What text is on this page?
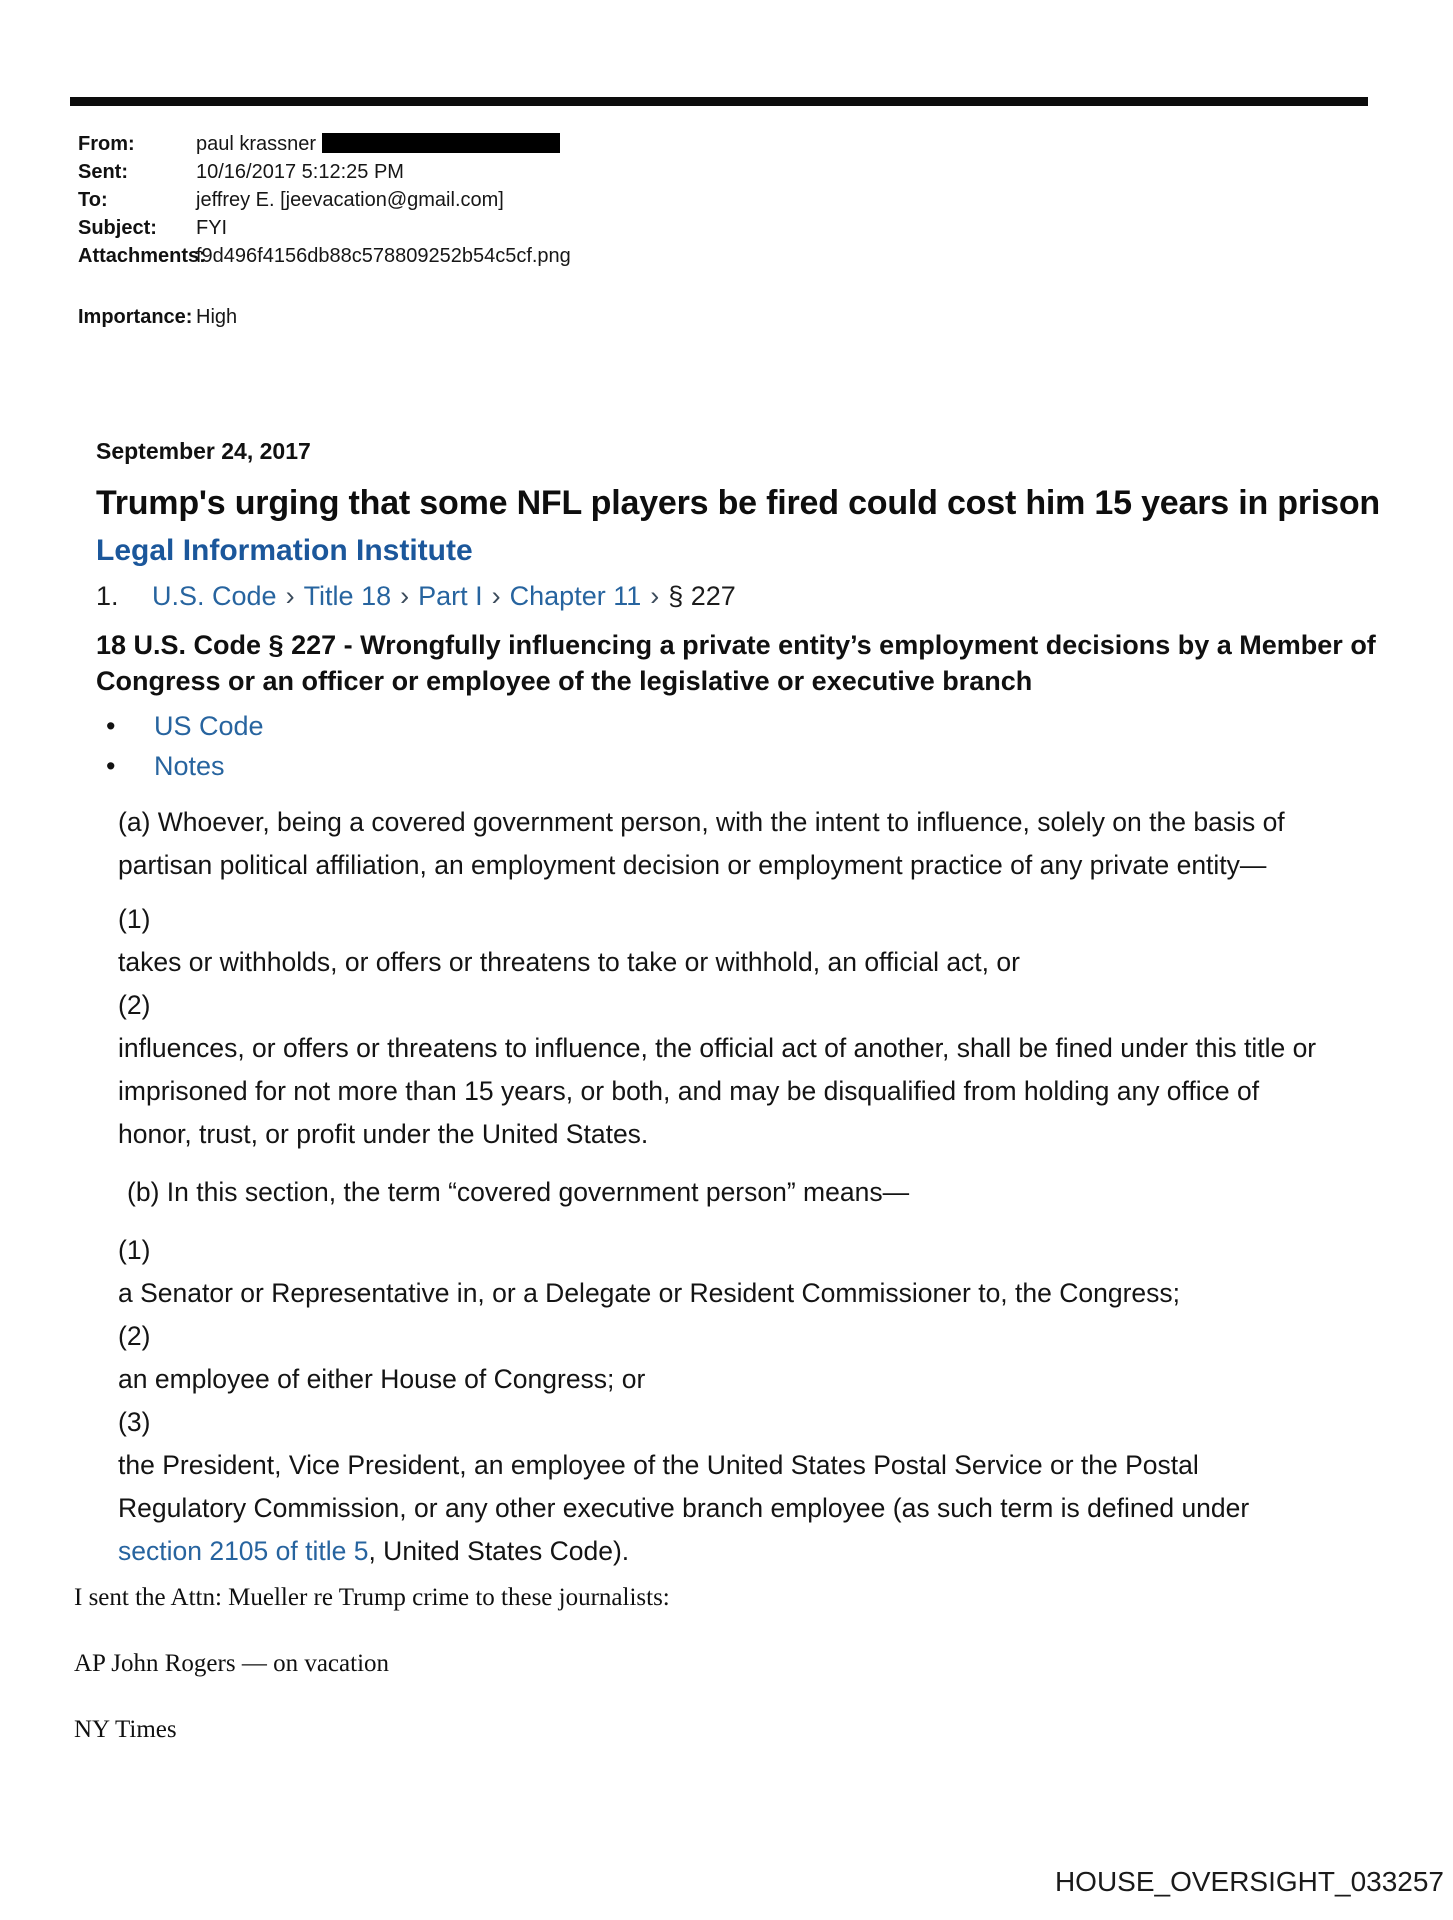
From:	paul krassner
Sent:	10/16/2017 5:12:25 PM
To:	jeffrey E. [jeevacation@gmail.com]
Subject:	FYI
Attachments:
f9d496f4156db88c578809252b54c5cf.png
Importance: High
September 24, 2017
Trump's urging that some NFL players be fired could cost him 15 years in prison
Legal Information Institute
1. U.S. Code › Title 18 › Part I › Chapter 11 › § 227
18 U.S. Code § 227 - Wrongfully influencing a private entity’s employment decisions by a Member of Congress or an officer or employee of the legislative or executive branch
• US Code
• Notes

(a) Whoever, being a covered government person, with the intent to influence, solely on the basis of partisan political affiliation, an employment decision or employment practice of any private entity—

(1)

takes or withholds, or offers or threatens to take or withhold, an official act, or

(2)

influences, or offers or threatens to influence, the official act of another, shall be fined under this title or imprisoned for not more than 15 years, or both, and may be disqualified from holding any office of honor, trust, or profit under the United States.

(b) In this section, the term “covered government person” means—

(1)

a Senator or Representative in, or a Delegate or Resident Commissioner to, the Congress;

(2)

an employee of either House of Congress; or

(3)

the President, Vice President, an employee of the United States Postal Service or the Postal Regulatory Commission, or any other executive branch employee (as such term is defined under section 2105 of title 5, United States Code).

I sent the Attn: Mueller re Trump crime to these journalists:
AP John Rogers — on vacation
NY Times
HOUSE_OVERSIGHT_033257
